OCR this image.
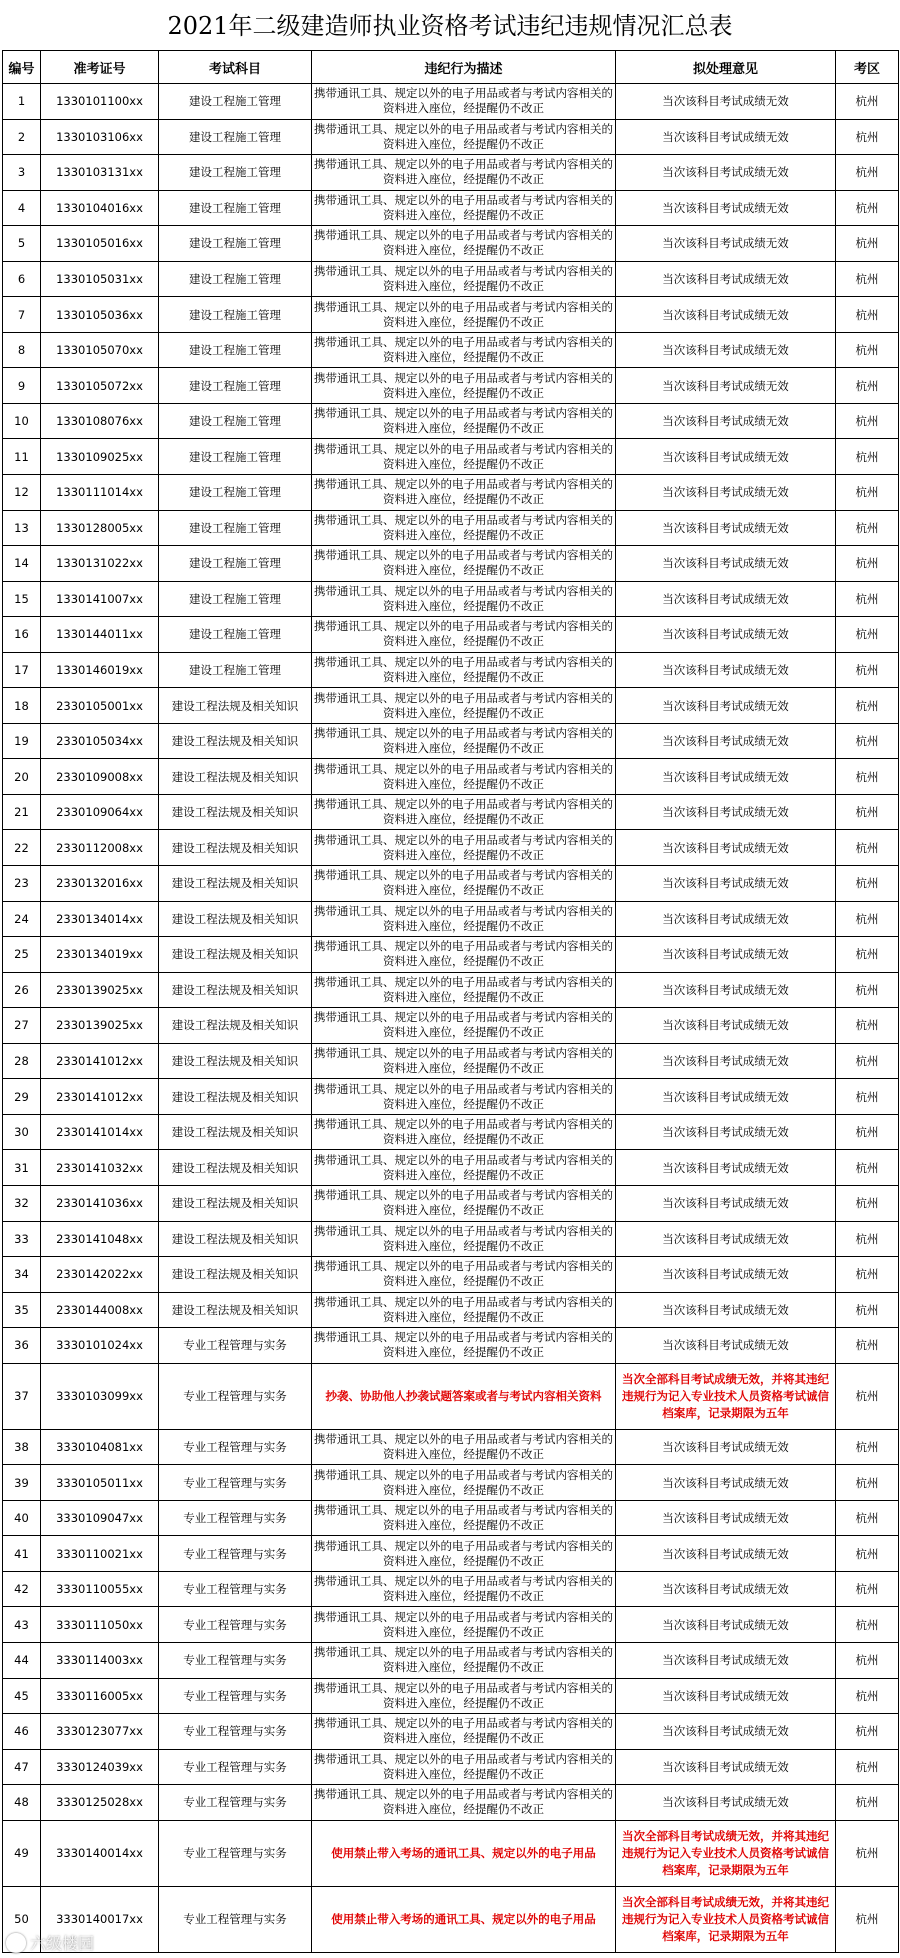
2021年二级建造师执业资格考试违纪违规情况汇总表
编号	准考证号	考试科目	违纪行为描述	拟处理意见	考区
1	1330101100xx	建设工程施工管理	携带通讯工具、规定以外的电子用品或者与考试内容相关的资料进入座位，经提醒仍不改正	当次该科目考试成绩无效	杭州
2	1330103106xx	建设工程施工管理	携带通讯工具、规定以外的电子用品或者与考试内容相关的资料进入座位，经提醒仍不改正	当次该科目考试成绩无效	杭州
3	1330103131xx	建设工程施工管理	携带通讯工具、规定以外的电子用品或者与考试内容相关的资料进入座位，经提醒仍不改正	当次该科目考试成绩无效	杭州
4	1330104016xx	建设工程施工管理	携带通讯工具、规定以外的电子用品或者与考试内容相关的资料进入座位，经提醒仍不改正	当次该科目考试成绩无效	杭州
5	1330105016xx	建设工程施工管理	携带通讯工具、规定以外的电子用品或者与考试内容相关的资料进入座位，经提醒仍不改正	当次该科目考试成绩无效	杭州
6	1330105031xx	建设工程施工管理	携带通讯工具、规定以外的电子用品或者与考试内容相关的资料进入座位，经提醒仍不改正	当次该科目考试成绩无效	杭州
7	1330105036xx	建设工程施工管理	携带通讯工具、规定以外的电子用品或者与考试内容相关的资料进入座位，经提醒仍不改正	当次该科目考试成绩无效	杭州
8	1330105070xx	建设工程施工管理	携带通讯工具、规定以外的电子用品或者与考试内容相关的资料进入座位，经提醒仍不改正	当次该科目考试成绩无效	杭州
9	1330105072xx	建设工程施工管理	携带通讯工具、规定以外的电子用品或者与考试内容相关的资料进入座位，经提醒仍不改正	当次该科目考试成绩无效	杭州
10	1330108076xx	建设工程施工管理	携带通讯工具、规定以外的电子用品或者与考试内容相关的资料进入座位，经提醒仍不改正	当次该科目考试成绩无效	杭州
11	1330109025xx	建设工程施工管理	携带通讯工具、规定以外的电子用品或者与考试内容相关的资料进入座位，经提醒仍不改正	当次该科目考试成绩无效	杭州
12	1330111014xx	建设工程施工管理	携带通讯工具、规定以外的电子用品或者与考试内容相关的资料进入座位，经提醒仍不改正	当次该科目考试成绩无效	杭州
13	1330128005xx	建设工程施工管理	携带通讯工具、规定以外的电子用品或者与考试内容相关的资料进入座位，经提醒仍不改正	当次该科目考试成绩无效	杭州
14	1330131022xx	建设工程施工管理	携带通讯工具、规定以外的电子用品或者与考试内容相关的资料进入座位，经提醒仍不改正	当次该科目考试成绩无效	杭州
15	1330141007xx	建设工程施工管理	携带通讯工具、规定以外的电子用品或者与考试内容相关的资料进入座位，经提醒仍不改正	当次该科目考试成绩无效	杭州
16	1330144011xx	建设工程施工管理	携带通讯工具、规定以外的电子用品或者与考试内容相关的资料进入座位，经提醒仍不改正	当次该科目考试成绩无效	杭州
17	1330146019xx	建设工程施工管理	携带通讯工具、规定以外的电子用品或者与考试内容相关的资料进入座位，经提醒仍不改正	当次该科目考试成绩无效	杭州
18	2330105001xx	建设工程法规及相关知识	携带通讯工具、规定以外的电子用品或者与考试内容相关的资料进入座位，经提醒仍不改正	当次该科目考试成绩无效	杭州
19	2330105034xx	建设工程法规及相关知识	携带通讯工具、规定以外的电子用品或者与考试内容相关的资料进入座位，经提醒仍不改正	当次该科目考试成绩无效	杭州
20	2330109008xx	建设工程法规及相关知识	携带通讯工具、规定以外的电子用品或者与考试内容相关的资料进入座位，经提醒仍不改正	当次该科目考试成绩无效	杭州
21	2330109064xx	建设工程法规及相关知识	携带通讯工具、规定以外的电子用品或者与考试内容相关的资料进入座位，经提醒仍不改正	当次该科目考试成绩无效	杭州
22	2330112008xx	建设工程法规及相关知识	携带通讯工具、规定以外的电子用品或者与考试内容相关的资料进入座位，经提醒仍不改正	当次该科目考试成绩无效	杭州
23	2330132016xx	建设工程法规及相关知识	携带通讯工具、规定以外的电子用品或者与考试内容相关的资料进入座位，经提醒仍不改正	当次该科目考试成绩无效	杭州
24	2330134014xx	建设工程法规及相关知识	携带通讯工具、规定以外的电子用品或者与考试内容相关的资料进入座位，经提醒仍不改正	当次该科目考试成绩无效	杭州
25	2330134019xx	建设工程法规及相关知识	携带通讯工具、规定以外的电子用品或者与考试内容相关的资料进入座位，经提醒仍不改正	当次该科目考试成绩无效	杭州
26	2330139025xx	建设工程法规及相关知识	携带通讯工具、规定以外的电子用品或者与考试内容相关的资料进入座位，经提醒仍不改正	当次该科目考试成绩无效	杭州
27	2330139025xx	建设工程法规及相关知识	携带通讯工具、规定以外的电子用品或者与考试内容相关的资料进入座位，经提醒仍不改正	当次该科目考试成绩无效	杭州
28	2330141012xx	建设工程法规及相关知识	携带通讯工具、规定以外的电子用品或者与考试内容相关的资料进入座位，经提醒仍不改正	当次该科目考试成绩无效	杭州
29	2330141012xx	建设工程法规及相关知识	携带通讯工具、规定以外的电子用品或者与考试内容相关的资料进入座位，经提醒仍不改正	当次该科目考试成绩无效	杭州
30	2330141014xx	建设工程法规及相关知识	携带通讯工具、规定以外的电子用品或者与考试内容相关的资料进入座位，经提醒仍不改正	当次该科目考试成绩无效	杭州
31	2330141032xx	建设工程法规及相关知识	携带通讯工具、规定以外的电子用品或者与考试内容相关的资料进入座位，经提醒仍不改正	当次该科目考试成绩无效	杭州
32	2330141036xx	建设工程法规及相关知识	携带通讯工具、规定以外的电子用品或者与考试内容相关的资料进入座位，经提醒仍不改正	当次该科目考试成绩无效	杭州
33	2330141048xx	建设工程法规及相关知识	携带通讯工具、规定以外的电子用品或者与考试内容相关的资料进入座位，经提醒仍不改正	当次该科目考试成绩无效	杭州
34	2330142022xx	建设工程法规及相关知识	携带通讯工具、规定以外的电子用品或者与考试内容相关的资料进入座位，经提醒仍不改正	当次该科目考试成绩无效	杭州
35	2330144008xx	建设工程法规及相关知识	携带通讯工具、规定以外的电子用品或者与考试内容相关的资料进入座位，经提醒仍不改正	当次该科目考试成绩无效	杭州
36	3330101024xx	专业工程管理与实务	携带通讯工具、规定以外的电子用品或者与考试内容相关的资料进入座位，经提醒仍不改正	当次该科目考试成绩无效	杭州
37	3330103099xx	专业工程管理与实务	抄袭、协助他人抄袭试题答案或者与考试内容相关资料	当次全部科目考试成绩无效，并将其违纪违规行为记入专业技术人员资格考试诚信档案库，记录期限为五年	杭州
38	3330104081xx	专业工程管理与实务	携带通讯工具、规定以外的电子用品或者与考试内容相关的资料进入座位，经提醒仍不改正	当次该科目考试成绩无效	杭州
39	3330105011xx	专业工程管理与实务	携带通讯工具、规定以外的电子用品或者与考试内容相关的资料进入座位，经提醒仍不改正	当次该科目考试成绩无效	杭州
40	3330109047xx	专业工程管理与实务	携带通讯工具、规定以外的电子用品或者与考试内容相关的资料进入座位，经提醒仍不改正	当次该科目考试成绩无效	杭州
41	3330110021xx	专业工程管理与实务	携带通讯工具、规定以外的电子用品或者与考试内容相关的资料进入座位，经提醒仍不改正	当次该科目考试成绩无效	杭州
42	3330110055xx	专业工程管理与实务	携带通讯工具、规定以外的电子用品或者与考试内容相关的资料进入座位，经提醒仍不改正	当次该科目考试成绩无效	杭州
43	3330111050xx	专业工程管理与实务	携带通讯工具、规定以外的电子用品或者与考试内容相关的资料进入座位，经提醒仍不改正	当次该科目考试成绩无效	杭州
44	3330114003xx	专业工程管理与实务	携带通讯工具、规定以外的电子用品或者与考试内容相关的资料进入座位，经提醒仍不改正	当次该科目考试成绩无效	杭州
45	3330116005xx	专业工程管理与实务	携带通讯工具、规定以外的电子用品或者与考试内容相关的资料进入座位，经提醒仍不改正	当次该科目考试成绩无效	杭州
46	3330123077xx	专业工程管理与实务	携带通讯工具、规定以外的电子用品或者与考试内容相关的资料进入座位，经提醒仍不改正	当次该科目考试成绩无效	杭州
47	3330124039xx	专业工程管理与实务	携带通讯工具、规定以外的电子用品或者与考试内容相关的资料进入座位，经提醒仍不改正	当次该科目考试成绩无效	杭州
48	3330125028xx	专业工程管理与实务	携带通讯工具、规定以外的电子用品或者与考试内容相关的资料进入座位，经提醒仍不改正	当次该科目考试成绩无效	杭州
49	3330140014xx	专业工程管理与实务	使用禁止带入考场的通讯工具、规定以外的电子用品	当次全部科目考试成绩无效，并将其违纪违规行为记入专业技术人员资格考试诚信档案库，记录期限为五年	杭州
50	3330140017xx	专业工程管理与实务	使用禁止带入考场的通讯工具、规定以外的电子用品	当次全部科目考试成绩无效，并将其违纪违规行为记入专业技术人员资格考试诚信档案库，记录期限为五年	杭州
六级楼园
